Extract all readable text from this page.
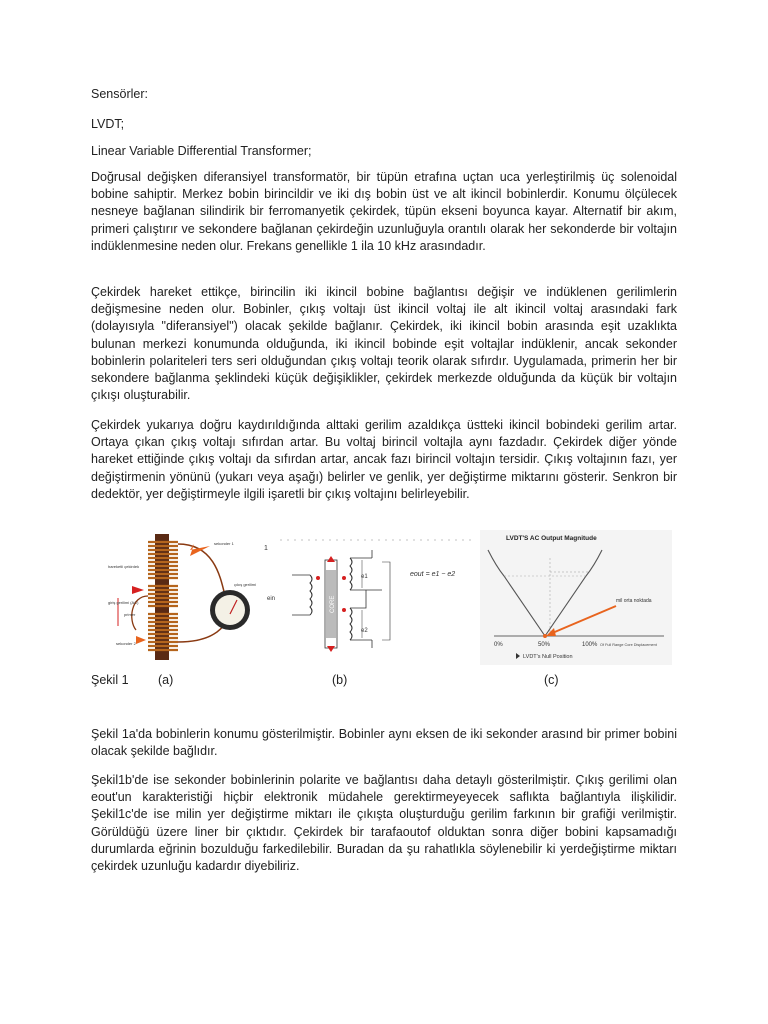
Sensörler:
LVDT;
Linear Variable Differential Transformer;
Doğrusal değişken diferansiyel transformatör, bir tüpün etrafına uçtan uca yerleştirilmiş üç solenoidal bobine sahiptir. Merkez bobin birincildir ve iki dış bobin üst ve alt ikincil bobinlerdir. Konumu ölçülecek nesneye bağlanan silindirik bir ferromanyetik çekirdek, tüpün ekseni boyunca kayar. Alternatif bir akım, primeri çalıştırır ve sekondere bağlanan çekirdeğin uzunluğuyla orantılı olarak her sekonderde bir voltajın indüklenmesine neden olur. Frekans genellikle 1 ila 10 kHz arasındadır.
Çekirdek hareket ettikçe, birincilin iki ikincil bobine bağlantısı değişir ve indüklenen gerilimlerin değişmesine neden olur. Bobinler, çıkış voltajı üst ikincil voltaj ile alt ikincil voltaj arasındaki fark (dolayısıyla "diferansiyel") olacak şekilde bağlanır. Çekirdek, iki ikincil bobin arasında eşit uzaklıkta bulunan merkezi konumunda olduğunda, iki ikincil bobinde eşit voltajlar indüklenir, ancak sekonder bobinlerin polariteleri ters seri olduğundan çıkış voltajı teorik olarak sıfırdır. Uygulamada, primerin her bir sekondere bağlanma şeklindeki küçük değişiklikler, çekirdek merkezde olduğunda da küçük bir voltajın çıkışı oluşturabilir.
Çekirdek yukarıya doğru kaydırıldığında alttaki gerilim azaldıkça üstteki ikincil bobindeki gerilim artar. Ortaya çıkan çıkış voltajı sıfırdan artar. Bu voltaj birincil voltajla aynı fazdadır. Çekirdek diğer yönde hareket ettiğinde çıkış voltajı da sıfırdan artar, ancak fazı birincil voltajın tersidir. Çıkış voltajının fazı, yer değiştirmenin yönünü (yukarı veya aşağı) belirler ve genlik, yer değiştirme miktarını gösterir. Senkron bir dedektör, yer değiştirmeyle ilgili işaretli bir çıkış voltajını belirleyebilir.
sekonder 1
hareketli çekirdek
giriş gerilimi (AC)
primer
sekonder 2
çıkış gerilimi
1
ein	CORE
e1
e2
eout = e1 − e2
LVDT'S AC Output Magnitude
mil orta noktada
0%	50%	100% Of Full Range Core Displacement
LVDT's Null Position
Şekil 1 (a)	(b)	(c)
Şekil 1a'da bobinlerin konumu gösterilmiştir. Bobinler aynı eksen de iki sekonder arasınd bir primer bobini olacak şekilde bağlıdır.
Şekil1b'de ise sekonder bobinlerinin polarite ve bağlantısı daha detaylı gösterilmiştir. Çıkış gerilimi olan eout'un karakteristiği hiçbir elektronik müdahele gerektirmeyeyecek saflıkta bağlantıyla ilişkilidir. Şekil1c'de ise milin yer değiştirme miktarı ile çıkışta oluşturduğu gerilim farkının bir grafiği verilmiştir. Görüldüğü üzere liner bir çıktıdır. Çekirdek bir tarafaoutof olduktan sonra diğer bobini kapsamadığı durumlarda eğrinin bozulduğu farkedilebilir. Buradan da şu rahatlıkla söylenebilir ki yerdeğiştirme miktarı çekirdek uzunluğu kadardır diyebiliriz.
